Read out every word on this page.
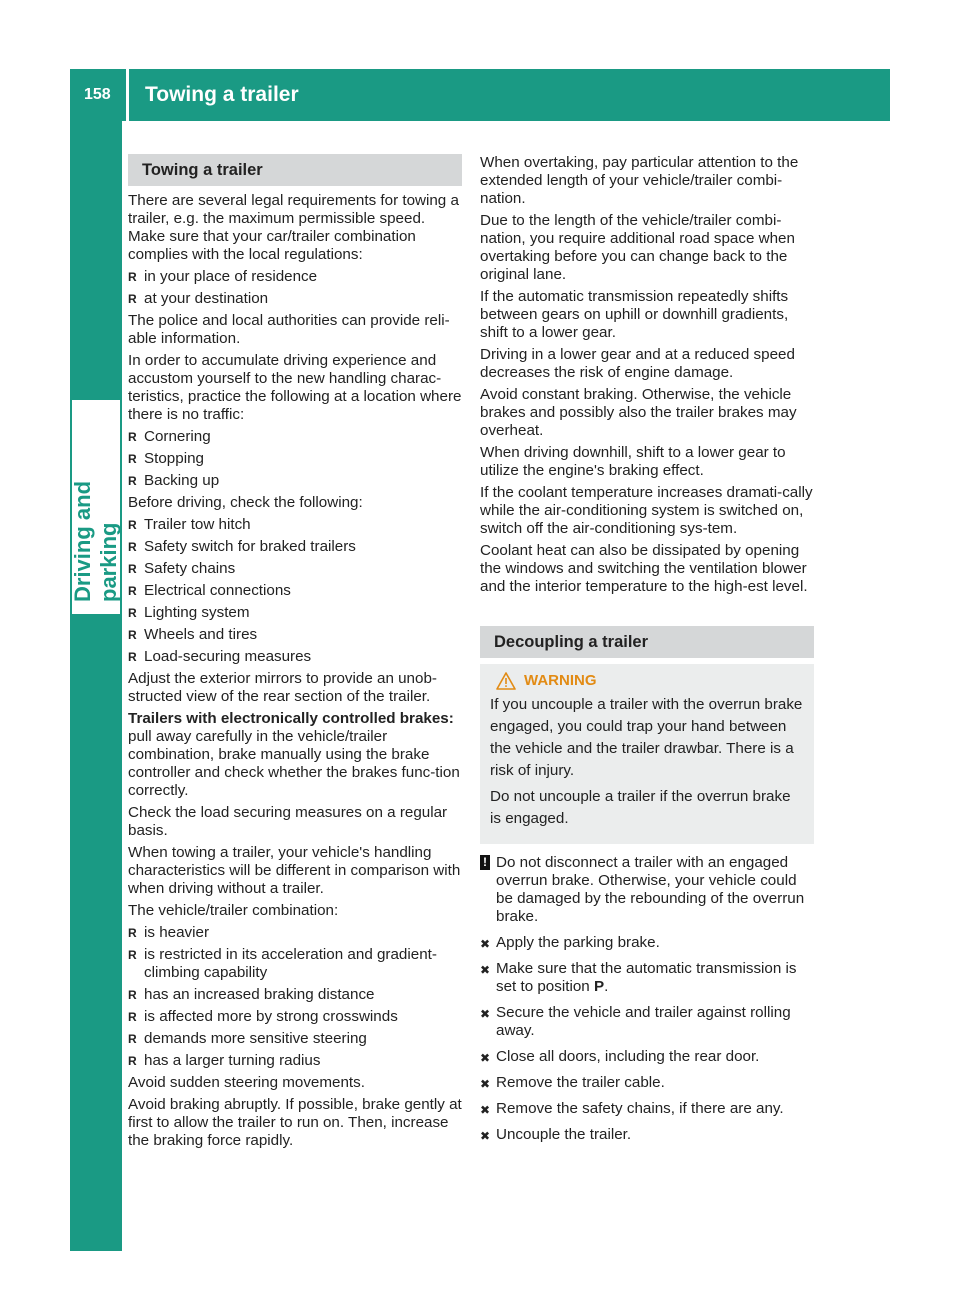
158	Towing a trailer
Driving and parking
Towing a trailer

There are several legal requirements for towing a trailer, e.g. the maximum permissible speed. Make sure that your car/trailer combination complies with the local regulations:

R in your place of residence
R at your destination

The police and local authorities can provide reli-able information.

In order to accumulate driving experience and accustom yourself to the new handling charac-teristics, practice the following at a location where there is no traffic:

R Cornering
R Stopping
R Backing up

Before driving, check the following:

R Trailer tow hitch
R Safety switch for braked trailers
R Safety chains
R Electrical connections
R Lighting system
R Wheels and tires
R Load-securing measures

Adjust the exterior mirrors to provide an unob-structed view of the rear section of the trailer.

Trailers with electronically controlled brakes: pull away carefully in the vehicle/trailer combination, brake manually using the brake controller and check whether the brakes func-tion correctly.

Check the load securing measures on a regular basis.

When towing a trailer, your vehicle's handling characteristics will be different in comparison with when driving without a trailer.

The vehicle/trailer combination:

R is heavier
R is restricted in its acceleration and gradient-climbing capability
R has an increased braking distance
R is affected more by strong crosswinds
R demands more sensitive steering
R has a larger turning radius

Avoid sudden steering movements.

Avoid braking abruptly. If possible, brake gently at first to allow the trailer to run on. Then, increase the braking force rapidly.

When overtaking, pay particular attention to the extended length of your vehicle/trailer combi-nation.

Due to the length of the vehicle/trailer combi-nation, you require additional road space when overtaking before you can change back to the original lane.

If the automatic transmission repeatedly shifts between gears on uphill or downhill gradients, shift to a lower gear.

Driving in a lower gear and at a reduced speed decreases the risk of engine damage.

Avoid constant braking. Otherwise, the vehicle brakes and possibly also the trailer brakes may overheat.

When driving downhill, shift to a lower gear to utilize the engine's braking effect.

If the coolant temperature increases dramati-cally while the air-conditioning system is switched on, switch off the air-conditioning sys-tem.

Coolant heat can also be dissipated by opening the windows and switching the ventilation blower and the interior temperature to the high-est level.

Decoupling a trailer
WARNING

If you uncouple a trailer with the overrun brake engaged, you could trap your hand between the vehicle and the trailer drawbar. There is a risk of injury.

Do not uncouple a trailer if the overrun brake is engaged.

! Do not disconnect a trailer with an engaged overrun brake. Otherwise, your vehicle could be damaged by the rebounding of the overrun brake.
✖ Apply the parking brake.
✖ Make sure that the automatic transmission is set to position P.
✖ Secure the vehicle and trailer against rolling away.
✖ Close all doors, including the rear door.
✖ Remove the trailer cable.
✖ Remove the safety chains, if there are any.
✖ Uncouple the trailer.
